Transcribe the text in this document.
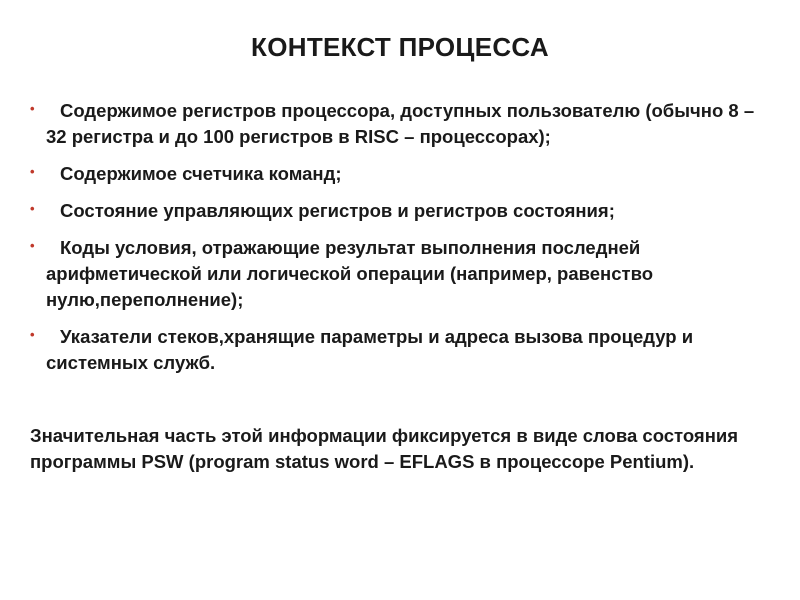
КОНТЕКСТ ПРОЦЕССА
•	Содержимое регистров процессора, доступных пользователю (обычно 8 – 32 регистра и до 100 регистров в RISC – процессорах);
•	Содержимое счетчика команд;
•	Состояние управляющих регистров и регистров состояния;
•	Коды условия, отражающие результат выполнения последней арифметической или логической операции (например, равенство нулю,переполнение);
•	Указатели стеков,хранящие параметры и адреса вызова процедур и системных служб.

Значительная часть этой информации фиксируется в виде слова состояния программы PSW (program status word – EFLAGS в процессоре Pentium).
